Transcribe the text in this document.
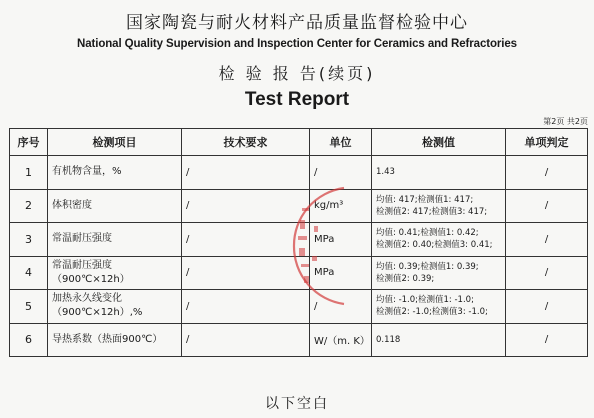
国家陶瓷与耐火材料产品质量监督检验中心
National Quality Supervision and Inspection Center for Ceramics and Refractories
检 验 报 告(续页)
Test Report
第2页 共2页
序号	检测项目	技术要求	单位	检测值	单项判定
1	有机物含量，%	/	/	1.43	/
2	体积密度	/	kg/m³	均值: 417;检测值1: 417;
检测值2: 417;检测值3: 417;	/
3	常温耐压强度	/	MPa	均值: 0.41;检测值1: 0.42;
检测值2: 0.40;检测值3: 0.41;	/
4	常温耐压强度（900℃×12h）	/	MPa	均值: 0.39;检测值1: 0.39;
检测值2: 0.39;	/
5	加热永久线变化（900℃×12h）,%	/	/	均值: -1.0;检测值1: -1.0;
检测值2: -1.0;检测值3: -1.0;	/
6	导热系数（热面900℃）	/	W/（m. K）	0.118	/
以下空白
